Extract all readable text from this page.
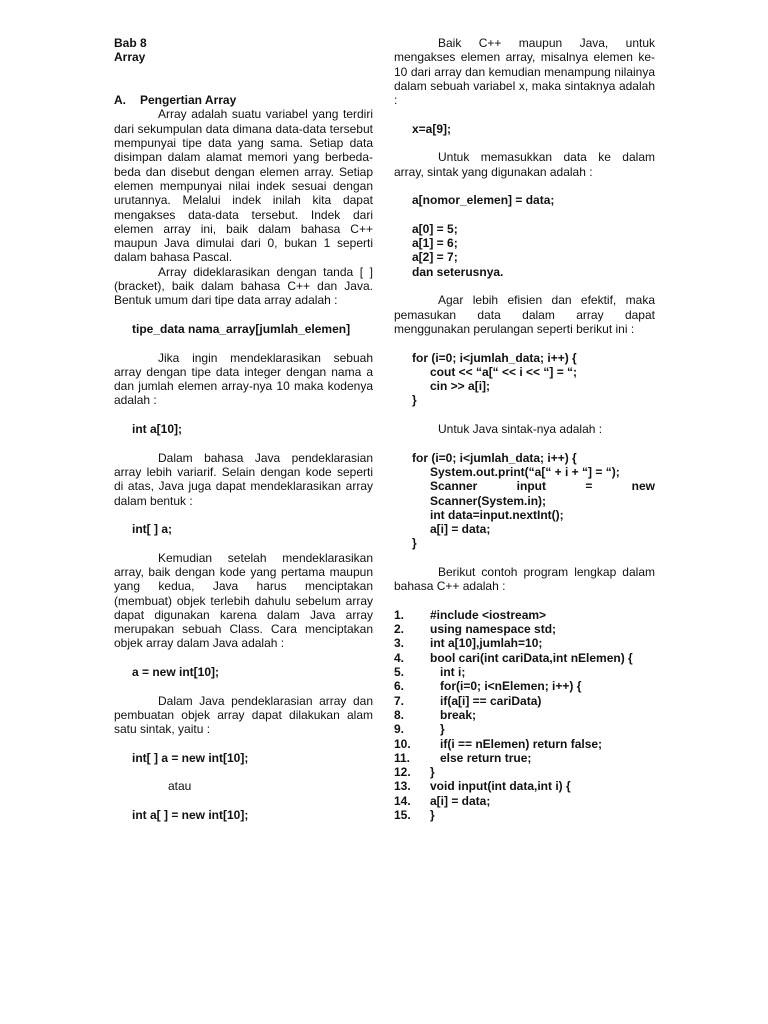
Bab 8

Array

A.	Pengertian Array

Array adalah suatu variabel yang terdiri dari sekumpulan data dimana data-data tersebut mempunyai tipe data yang sama. Setiap data disimpan dalam alamat memori yang berbeda-beda dan disebut dengan elemen array. Setiap elemen mempunyai nilai indek sesuai dengan urutannya. Melalui indek inilah kita dapat mengakses data-data tersebut. Indek dari elemen array ini, baik dalam bahasa C++ maupun Java dimulai dari 0, bukan 1 seperti dalam bahasa Pascal.

Array dideklarasikan dengan tanda [ ] (bracket), baik dalam bahasa C++ dan Java. Bentuk umum dari tipe data array adalah :

tipe_data nama_array[jumlah_elemen]

Jika ingin mendeklarasikan sebuah array dengan tipe data integer dengan nama a dan jumlah elemen array-nya 10 maka kodenya adalah :

int a[10];

Dalam bahasa Java pendeklarasian array lebih variarif. Selain dengan kode seperti di atas, Java juga dapat mendeklarasikan array dalam bentuk :

int[ ] a;

Kemudian setelah mendeklarasikan array, baik dengan kode yang pertama maupun yang kedua, Java harus menciptakan (membuat) objek terlebih dahulu sebelum array dapat digunakan karena dalam Java array merupakan sebuah Class. Cara menciptakan objek array dalam Java adalah :

a = new int[10];

Dalam Java pendeklarasian array dan pembuatan objek array dapat dilakukan alam satu sintak, yaitu :

int[ ] a = new int[10];

atau

int a[ ] = new int[10];

Baik C++ maupun Java, untuk mengakses elemen array, misalnya elemen ke-10 dari array dan kemudian menampung nilainya dalam sebuah variabel x, maka sintaknya adalah :

x=a[9];

Untuk memasukkan data ke dalam array, sintak yang digunakan adalah :

a[nomor_elemen] = data;

a[0] = 5;

a[1] = 6;

a[2] = 7;

dan seterusnya.

Agar lebih efisien dan efektif, maka pemasukan data dalam array dapat menggunakan perulangan seperti berikut ini :

for (i=0; i<jumlah_data; i++) {

cout << “a[“ << i << “] = “;

cin >> a[i];

}

Untuk Java sintak-nya adalah :

for (i=0; i<jumlah_data; i++) {

System.out.print(“a[“ + i + “] = “);

Scanner	input	=	new

Scanner(System.in);

int data=input.nextInt();

a[i] = data;

}

Berikut contoh program lengkap dalam bahasa C++ adalah :

1.	#include <iostream>
2.	using namespace std;
3.	int a[10],jumlah=10;
4.	bool cari(int cariData,int nElemen) {
5.	int i;
6.	for(i=0; i<nElemen; i++) {
7.	if(a[i] == cariData)
8.	break;
9.	}
10.	if(i == nElemen) return false;
11.	else return true;
12.	}
13.	void input(int data,int i) {
14.	a[i] = data;
15.	}
